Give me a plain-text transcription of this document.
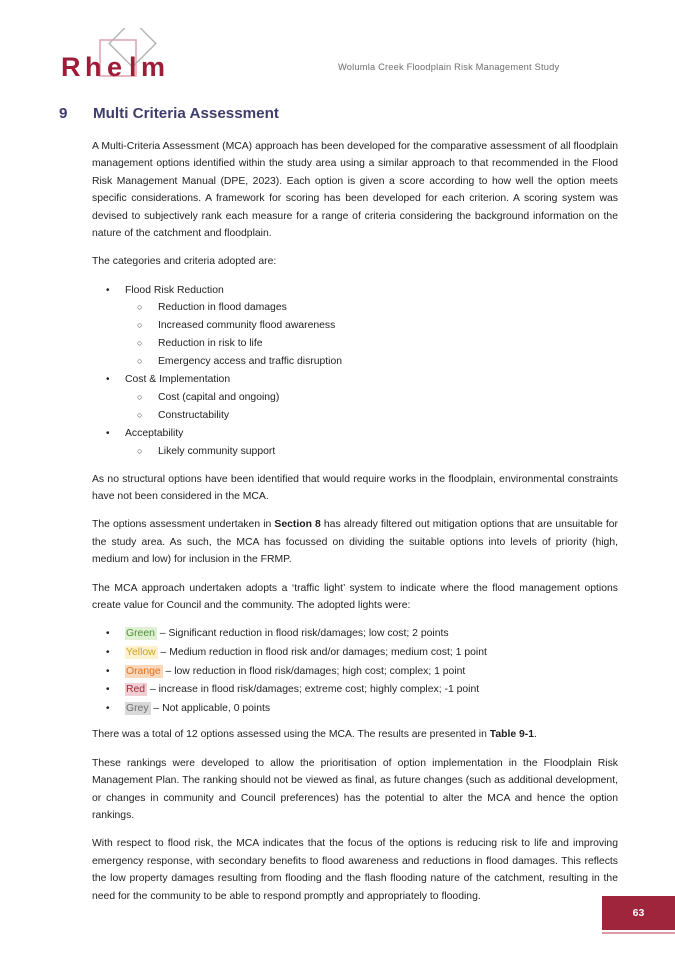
R h e l m	Wolumla Creek Floodplain Risk Management Study
9 Multi Criteria Assessment

A Multi-Criteria Assessment (MCA) approach has been developed for the comparative assessment of all floodplain management options identified within the study area using a similar approach to that recommended in the Flood Risk Management Manual (DPE, 2023). Each option is given a score according to how well the option meets specific considerations. A framework for scoring has been developed for each criterion. A scoring system was devised to subjectively rank each measure for a range of criteria considering the background information on the nature of the catchment and floodplain.

The categories and criteria adopted are:

• Flood Risk Reduction
○ Reduction in flood damages
○ Increased community flood awareness
○ Reduction in risk to life
○ Emergency access and traffic disruption
• Cost & Implementation
○ Cost (capital and ongoing)
○ Constructability
• Acceptability
○ Likely community support

As no structural options have been identified that would require works in the floodplain, environmental constraints have not been considered in the MCA.

The options assessment undertaken in Section 8 has already filtered out mitigation options that are unsuitable for the study area. As such, the MCA has focussed on dividing the suitable options into levels of priority (high, medium and low) for inclusion in the FRMP.

The MCA approach undertaken adopts a ‘traffic light’ system to indicate where the flood management options create value for Council and the community. The adopted lights were:

• Green – Significant reduction in flood risk/damages; low cost; 2 points
• Yellow – Medium reduction in flood risk and/or damages; medium cost; 1 point
• Orange – low reduction in flood risk/damages; high cost; complex; 1 point
• Red – increase in flood risk/damages; extreme cost; highly complex; -1 point
• Grey – Not applicable, 0 points

There was a total of 12 options assessed using the MCA. The results are presented in Table 9-1.

These rankings were developed to allow the prioritisation of option implementation in the Floodplain Risk Management Plan. The ranking should not be viewed as final, as future changes (such as additional development, or changes in community and Council preferences) has the potential to alter the MCA and hence the option rankings.

With respect to flood risk, the MCA indicates that the focus of the options is reducing risk to life and improving emergency response, with secondary benefits to flood awareness and reductions in flood damages. This reflects the low property damages resulting from flooding and the flash flooding nature of the catchment, resulting in the need for the community to be able to respond promptly and appropriately to flooding.

63
